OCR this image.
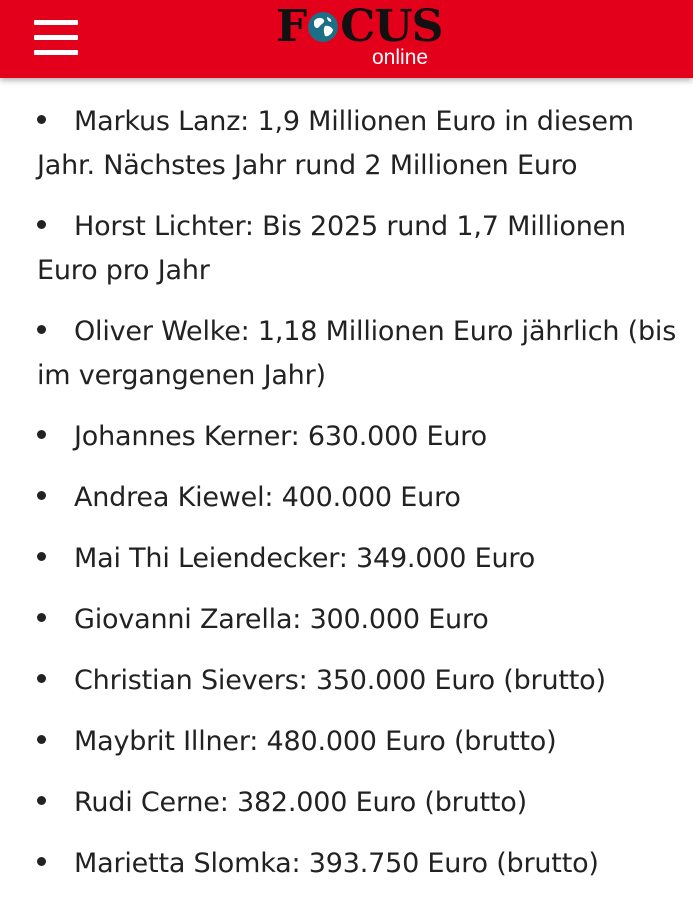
F CUS
online
Markus Lanz: 1,9 Millionen Euro in diesem Jahr. Nächstes Jahr rund 2 Millionen Euro
Horst Lichter: Bis 2025 rund 1,7 Millionen Euro pro Jahr
Oliver Welke: 1,18 Millionen Euro jährlich (bis im vergangenen Jahr)
Johannes Kerner: 630.000 Euro
Andrea Kiewel: 400.000 Euro
Mai Thi Leiendecker: 349.000 Euro
Giovanni Zarella: 300.000 Euro
Christian Sievers: 350.000 Euro (brutto)
Maybrit Illner: 480.000 Euro (brutto)
Rudi Cerne: 382.000 Euro (brutto)
Marietta Slomka: 393.750 Euro (brutto)
